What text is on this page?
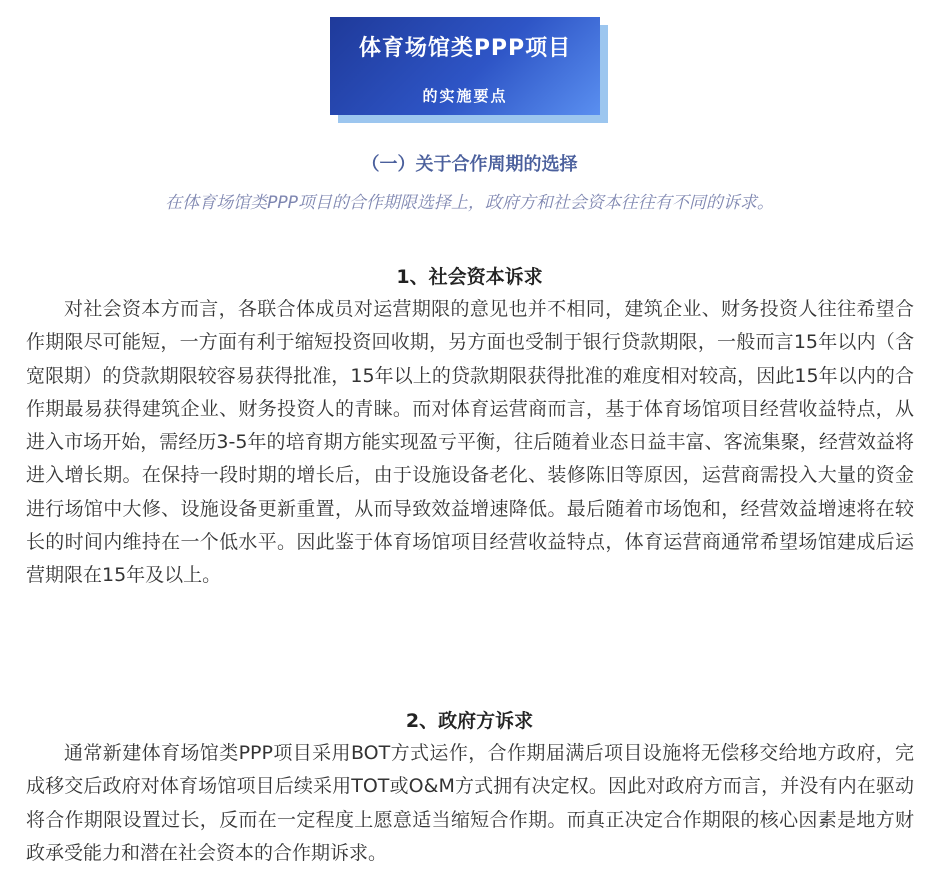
体育场馆类PPP项目
的实施要点
（一）关于合作周期的选择
在体育场馆类PPP项目的合作期限选择上，政府方和社会资本往往有不同的诉求。
1、社会资本诉求

对社会资本方而言，各联合体成员对运营期限的意见也并不相同，建筑企业、财务投资人往往希望合作期限尽可能短，一方面有利于缩短投资回收期，另方面也受制于银行贷款期限，一般而言15年以内（含宽限期）的贷款期限较容易获得批准，15年以上的贷款期限获得批准的难度相对较高，因此15年以内的合作期最易获得建筑企业、财务投资人的青睐。而对体育运营商而言，基于体育场馆项目经营收益特点，从进入市场开始，需经历3-5年的培育期方能实现盈亏平衡，往后随着业态日益丰富、客流集聚，经营效益将进入增长期。在保持一段时期的增长后，由于设施设备老化、装修陈旧等原因，运营商需投入大量的资金进行场馆中大修、设施设备更新重置，从而导致效益增速降低。最后随着市场饱和，经营效益增速将在较长的时间内维持在一个低水平。因此鉴于体育场馆项目经营收益特点，体育运营商通常希望场馆建成后运营期限在15年及以上。

2、政府方诉求

通常新建体育场馆类PPP项目采用BOT方式运作，合作期届满后项目设施将无偿移交给地方政府，完成移交后政府对体育场馆项目后续采用TOT或O&M方式拥有决定权。因此对政府方而言，并没有内在驱动将合作期限设置过长，反而在一定程度上愿意适当缩短合作期。而真正决定合作期限的核心因素是地方财政承受能力和潜在社会资本的合作期诉求。
